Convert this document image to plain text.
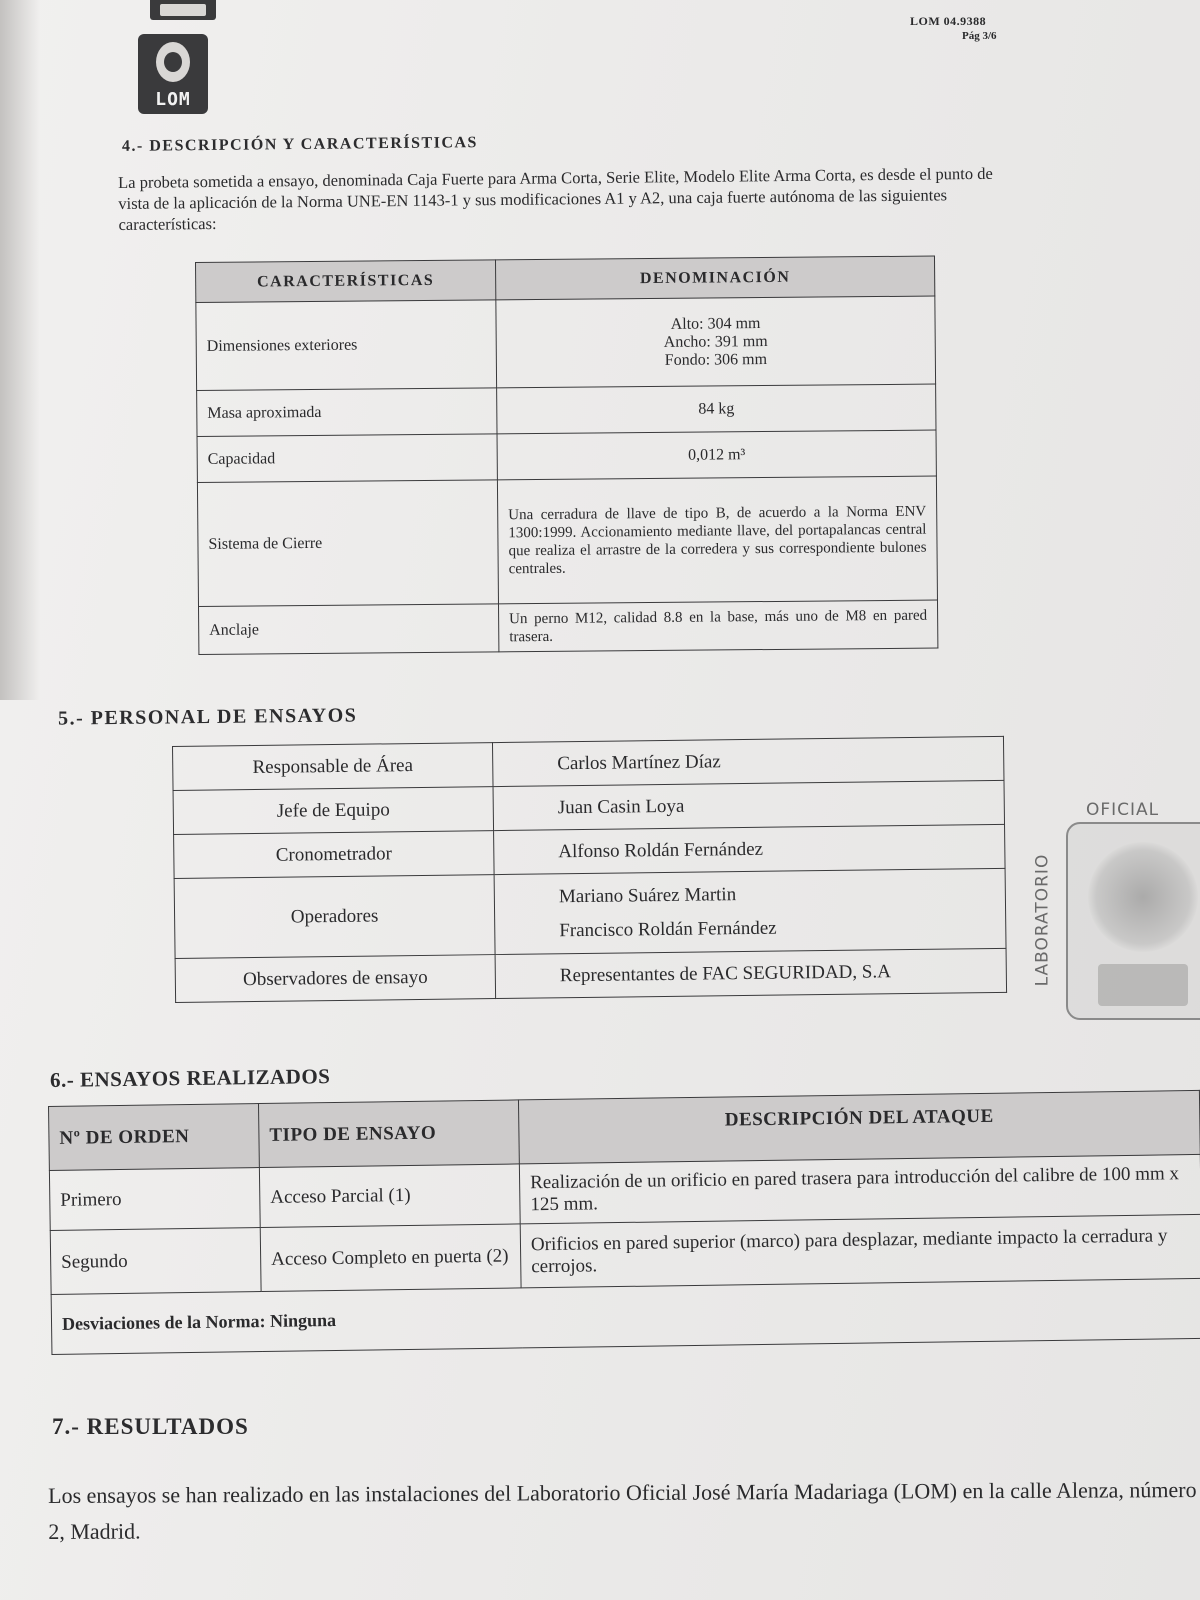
LOM
LOM 04.9388
Pág 3/6
4.- DESCRIPCIÓN Y CARACTERÍSTICAS
La probeta sometida a ensayo, denominada Caja Fuerte para Arma Corta, Serie Elite, Modelo Elite Arma Corta, es desde el punto de vista de la aplicación de la Norma UNE-EN 1143-1 y sus modificaciones A1 y A2, una caja fuerte autónoma de las siguientes características:
CARACTERÍSTICAS	DENOMINACIÓN
Dimensiones exteriores	Alto: 304 mm
Ancho: 391 mm
Fondo: 306 mm

Masa aproximada	84 kg
Capacidad	0,012 m³
Sistema de Cierre	Una cerradura de llave de tipo B, de acuerdo a la Norma ENV 1300:1999. Accionamiento mediante llave, del portapalancas central que realiza el arrastre de la corredera y sus correspondiente bulones centrales.
Anclaje	Un perno M12, calidad 8.8 en la base, más uno de M8 en pared trasera.
5.- PERSONAL DE ENSAYOS
Responsable de Área	Carlos Martínez Díaz
Jefe de Equipo	Juan Casin Loya
Cronometrador	Alfonso Roldán Fernández
Operadores	Mariano Suárez Martin
Francisco Roldán Fernández

Observadores de ensayo	Representantes de FAC SEGURIDAD, S.A
OFICIAL
LABORATORIO
6.- ENSAYOS REALIZADOS
Nº DE ORDEN	TIPO DE ENSAYO	DESCRIPCIÓN DEL ATAQUE
Primero	Acceso Parcial (1)	Realización de un orificio en pared trasera para introducción del calibre de 100 mm x 125 mm.
Segundo	Acceso Completo en puerta (2)	Orificios en pared superior (marco) para desplazar, mediante impacto la cerradura y cerrojos.
Desviaciones de la Norma: Ninguna		
7.- RESULTADOS
Los ensayos se han realizado en las instalaciones del Laboratorio Oficial José María Madariaga (LOM) en la calle Alenza, número 2, Madrid.
